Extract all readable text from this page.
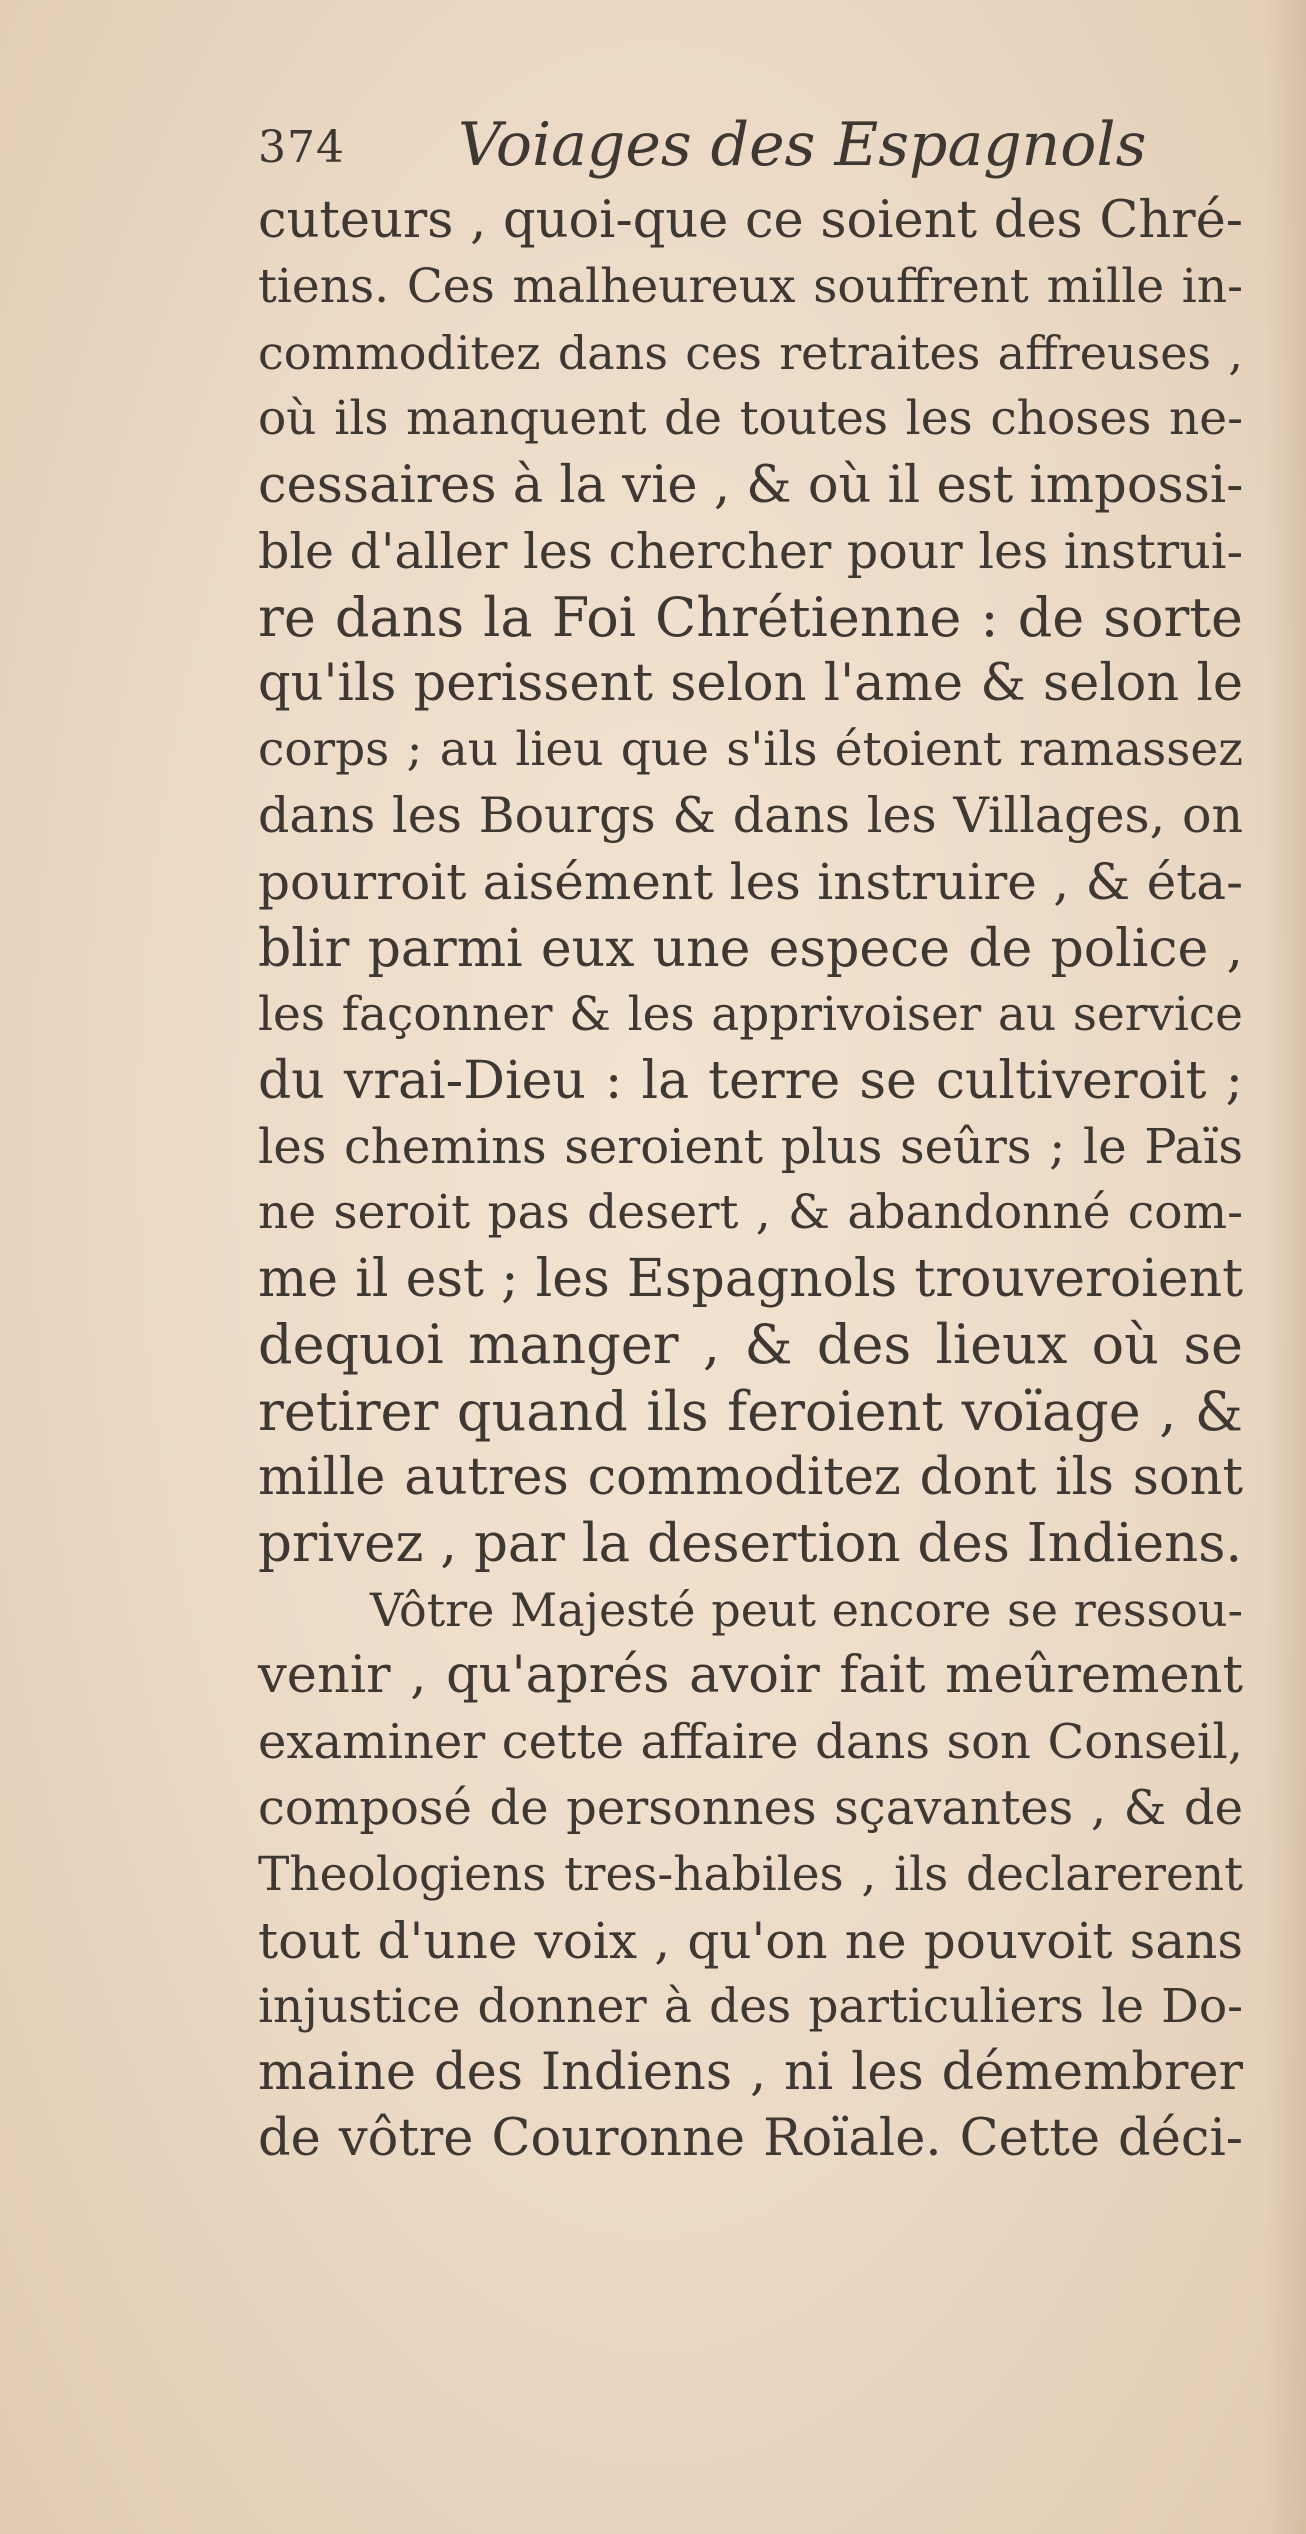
374 Voiages des Espagnols
cuteurs , quoi-que ce soient des Chré-
tiens. Ces malheureux souffrent mille in-
commoditez dans ces retraites affreuses ,
où ils manquent de toutes les choses ne-
cessaires à la vie , & où il est impossi-
ble d'aller les chercher pour les instrui-
re dans la Foi Chrétienne : de sorte
qu'ils perissent selon l'ame & selon le
corps ; au lieu que s'ils étoient ramassez
dans les Bourgs & dans les Villages, on
pourroit aisément les instruire , & éta-
blir parmi eux une espece de police ,
les façonner & les apprivoiser au service
du vrai-Dieu : la terre se cultiveroit ;
les chemins seroient plus seûrs ; le Païs
ne seroit pas desert , & abandonné com-
me il est ; les Espagnols trouveroient
dequoi manger , & des lieux où se
retirer quand ils feroient voïage , &
mille autres commoditez dont ils sont
privez , par la desertion des Indiens.
Vôtre Majesté peut encore se ressou-
venir , qu'aprés avoir fait meûrement
examiner cette affaire dans son Conseil,
composé de personnes sçavantes , & de
Theologiens tres-habiles , ils declarerent
tout d'une voix , qu'on ne pouvoit sans
injustice donner à des particuliers le Do-
maine des Indiens , ni les démembrer
de vôtre Couronne Roïale. Cette déci-
